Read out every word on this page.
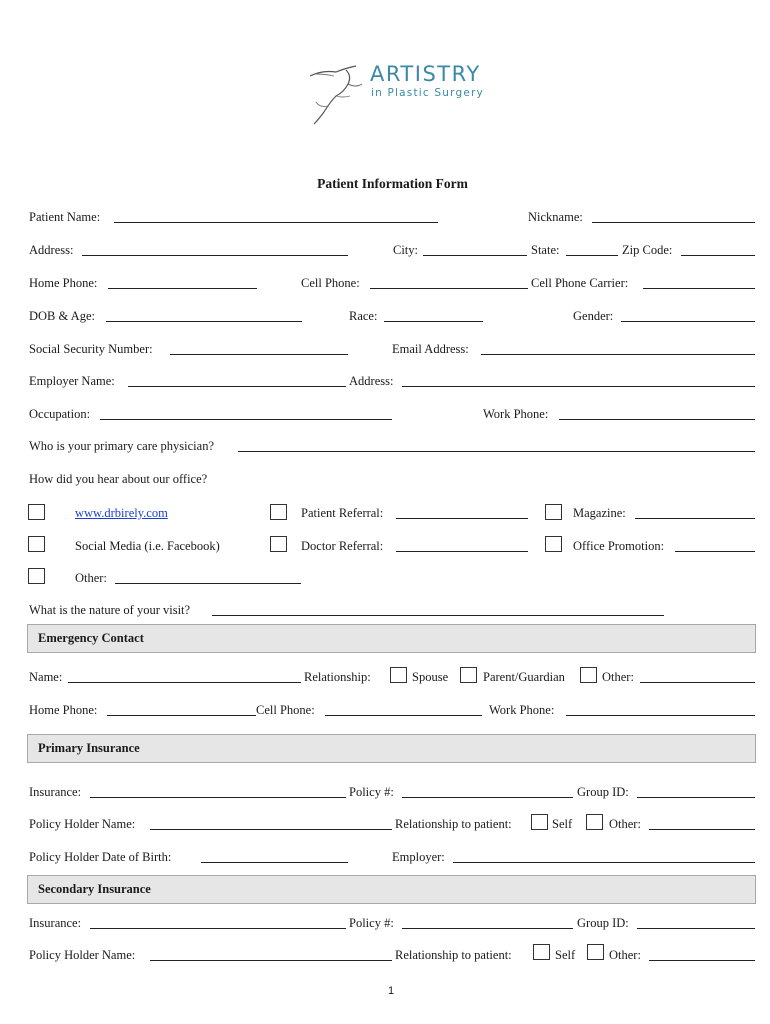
ARTISTRY
in Plastic Surgery
Patient Information Form
Patient Name:	Nickname:
Address:	City:	State:	Zip Code:
Home Phone:	Cell Phone:	Cell Phone Carrier:
DOB & Age:	Race:	Gender:
Social Security Number:	Email Address:
Employer Name:	Address:
Occupation:	Work Phone:
Who is your primary care physician?
How did you hear about our office?
www.drbirely.com	Patient Referral:	Magazine:
Social Media (i.e. Facebook)	Doctor Referral:	Office Promotion:
Other:
What is the nature of your visit?
Emergency Contact
Name:	Relationship:	Spouse	Parent/Guardian	Other:
Home Phone:	Cell Phone:	Work Phone:
Primary Insurance
Insurance:	Policy #:	Group ID:
Policy Holder Name:	Relationship to patient:	Self	Other:
Policy Holder Date of Birth:	Employer:
Secondary Insurance
Insurance:	Policy #:	Group ID:
Policy Holder Name:	Relationship to patient:	Self	Other:
1
